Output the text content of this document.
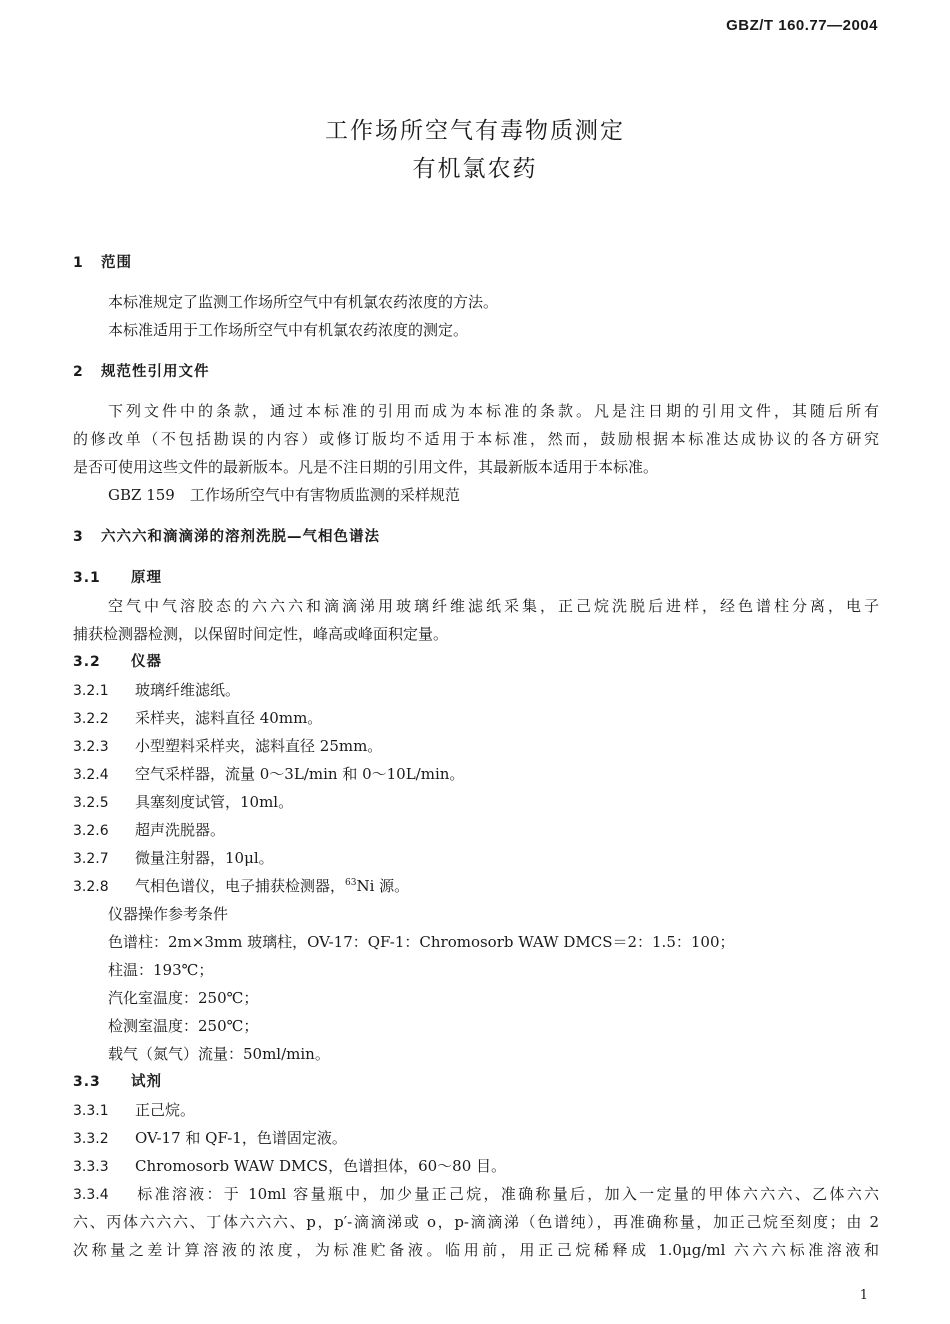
GBZ/T 160.77—2004
工作场所空气有毒物质测定
有机氯农药
1 范围
本标准规定了监测工作场所空气中有机氯农药浓度的方法。
本标准适用于工作场所空气中有机氯农药浓度的测定。
2 规范性引用文件
下列文件中的条款，通过本标准的引用而成为本标准的条款。凡是注日期的引用文件，其随后所有
的修改单（不包括勘误的内容）或修订版均不适用于本标准，然而，鼓励根据本标准达成协议的各方研究
是否可使用这些文件的最新版本。凡是不注日期的引用文件，其最新版本适用于本标准。
GBZ 159　工作场所空气中有害物质监测的采样规范
3 六六六和滴滴涕的溶剂洗脱—气相色谱法
3.1 原理
空气中气溶胶态的六六六和滴滴涕用玻璃纤维滤纸采集，正己烷洗脱后进样，经色谱柱分离，电子
捕获检测器检测，以保留时间定性，峰高或峰面积定量。
3.2 仪器
3.2.1 玻璃纤维滤纸。
3.2.2 采样夹，滤料直径 40mm。
3.2.3 小型塑料采样夹，滤料直径 25mm。
3.2.4 空气采样器，流量 0～3L/min 和 0～10L/min。
3.2.5 具塞刻度试管，10ml。
3.2.6 超声洗脱器。
3.2.7 微量注射器，10μl。
3.2.8 气相色谱仪，电子捕获检测器，$^{63}$Ni 源。
仪器操作参考条件
色谱柱：2m×3mm 玻璃柱，OV-17：QF-1：Chromosorb WAW DMCS＝2：1.5：100；
柱温：193℃；
汽化室温度：250℃；
检测室温度：250℃；
载气（氮气）流量：50ml/min。
3.3 试剂
3.3.1 正己烷。
3.3.2 OV-17 和 QF-1，色谱固定液。
3.3.3 Chromosorb WAW DMCS，色谱担体，60～80 目。
3.3.4 标准溶液：于 10ml 容量瓶中，加少量正己烷，准确称量后，加入一定量的甲体六六六、乙体六六
六、丙体六六六、丁体六六六、p，p′-滴滴涕或 o，p-滴滴涕（色谱纯），再准确称量，加正己烷至刻度；由 2
次称量之差计算溶液的浓度，为标准贮备液。临用前，用正己烷稀释成 1.0μg/ml 六六六标准溶液和
1
